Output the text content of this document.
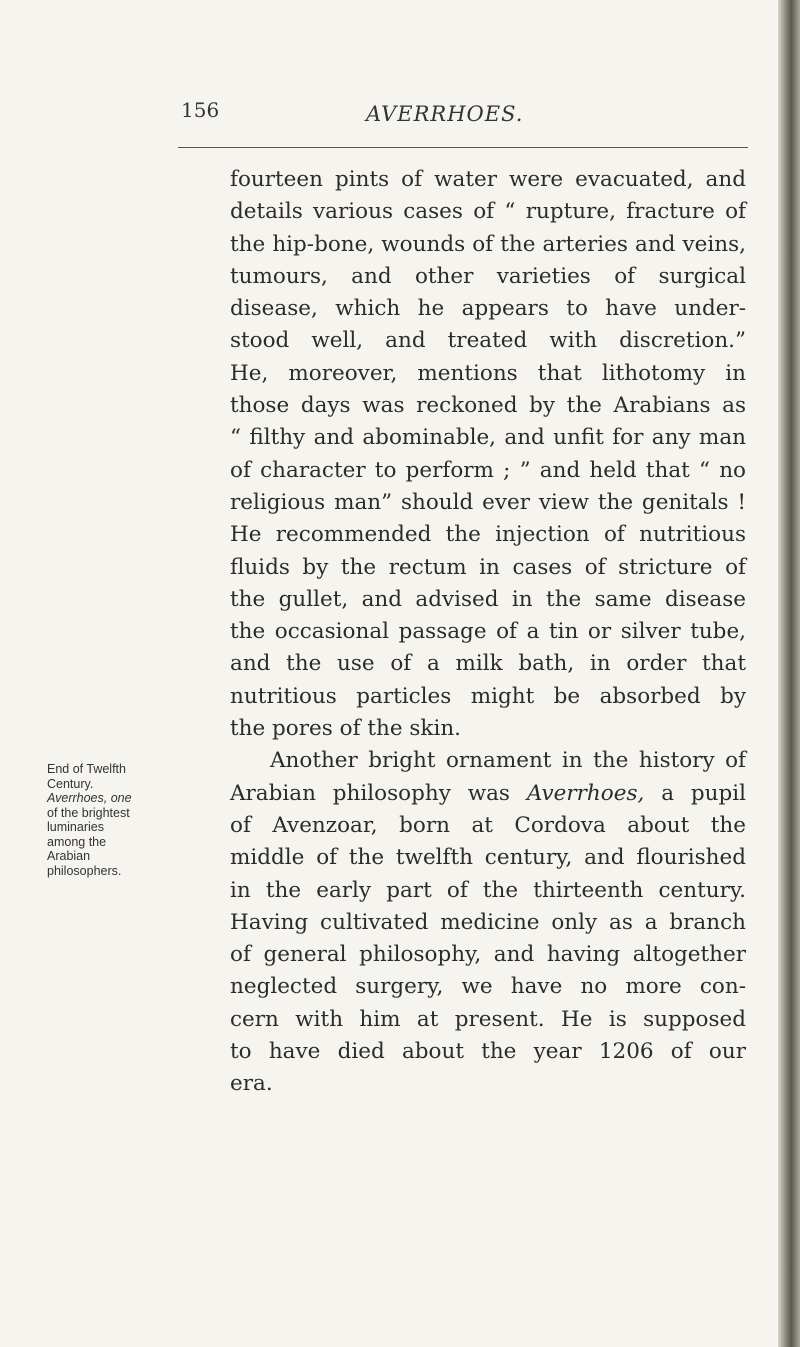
156	AVERRHOES.
End of Twelfth
Century.
Averrhoes, one
of the brightest
luminaries
among the
Arabian
philosophers.
fourteen pints of water were evacuated, and
details various cases of “ rupture, fracture of
the hip-bone, wounds of the arteries and veins,
tumours, and other varieties of surgical
disease, which he appears to have under-
stood well, and treated with discretion.”
He, moreover, mentions that lithotomy in
those days was reckoned by the Arabians as
“ filthy and abominable, and unfit for any man
of character to perform ; ” and held that “ no
religious man” should ever view the genitals !
He recommended the injection of nutritious
fluids by the rectum in cases of stricture of
the gullet, and advised in the same disease
the occasional passage of a tin or silver tube,
and the use of a milk bath, in order that
nutritious particles might be absorbed by
the pores of the skin.
Another bright ornament in the history of
Arabian philosophy was Averrhoes, a pupil
of Avenzoar, born at Cordova about the
middle of the twelfth century, and flourished
in the early part of the thirteenth century.
Having cultivated medicine only as a branch
of general philosophy, and having altogether
neglected surgery, we have no more con-
cern with him at present. He is supposed
to have died about the year 1206 of our
era.
